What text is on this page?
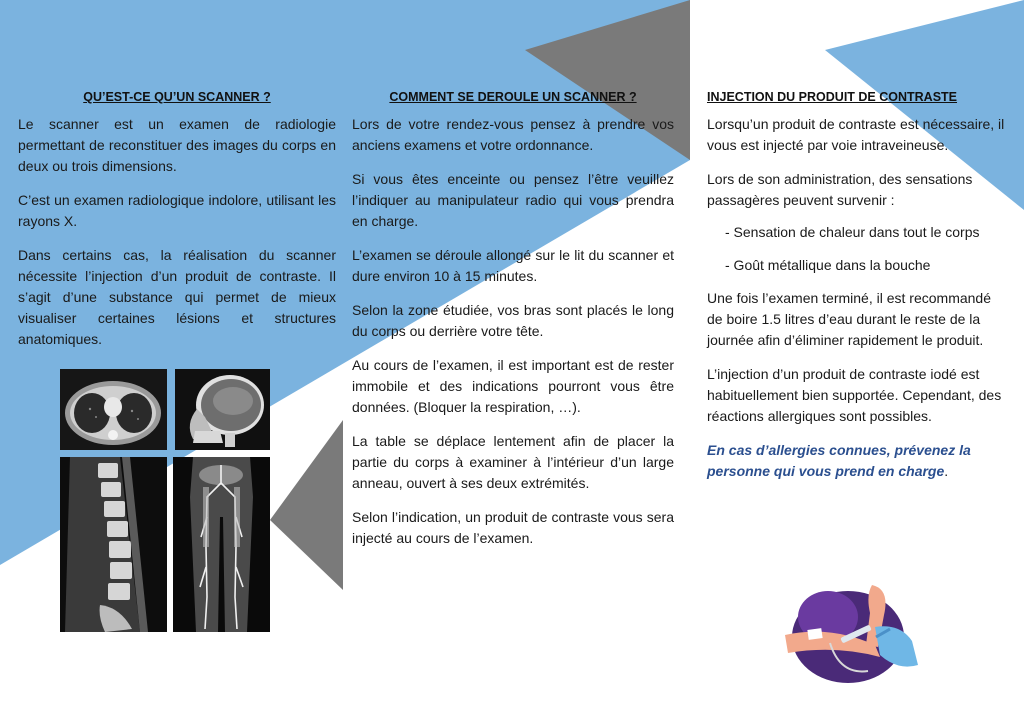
QU’EST-CE QU’UN SCANNER ?

Le scanner est un examen de radiologie permettant de reconstituer des images du corps en deux ou trois dimensions.

C’est un examen radiologique indolore, utilisant les rayons X.

Dans certains cas, la réalisation du scanner nécessite l’injection d’un produit de contraste. Il s’agit d’une substance qui permet de mieux visualiser certaines lésions et structures anatomiques.

COMMENT SE DEROULE UN SCANNER ?

Lors de votre rendez-vous pensez à prendre vos anciens examens et votre ordonnance.

Si vous êtes enceinte ou pensez l’être veuillez l’indiquer au manipulateur radio qui vous prendra en charge.

L’examen se déroule allongé sur le lit du scanner et dure environ 10 à 15 minutes.

Selon la zone étudiée, vos bras sont placés le long du corps ou derrière votre tête.

Au cours de l’examen, il est important est de rester immobile et des indications pourront vous être données. (Bloquer la respiration, …).

La table se déplace lentement afin de placer la partie du corps à examiner à l’intérieur d’un large anneau, ouvert à ses deux extrémités.

Selon l’indication, un produit de contraste vous sera injecté au cours de l’examen.

INJECTION DU PRODUIT DE CONTRASTE

Lorsqu’un produit de contraste est nécessaire, il vous est injecté par voie intraveineuse.

Lors de son administration, des sensations passagères peuvent survenir :

- Sensation de chaleur dans tout le corps
- Goût métallique dans la bouche

Une fois l’examen terminé, il est recommandé de boire 1.5 litres d’eau durant le reste de la journée afin d’éliminer rapidement le produit.

L’injection d’un produit de contraste iodé est habituellement bien supportée. Cependant, des réactions allergiques sont possibles.

En cas d’allergies connues, prévenez la personne qui vous prend en charge.
